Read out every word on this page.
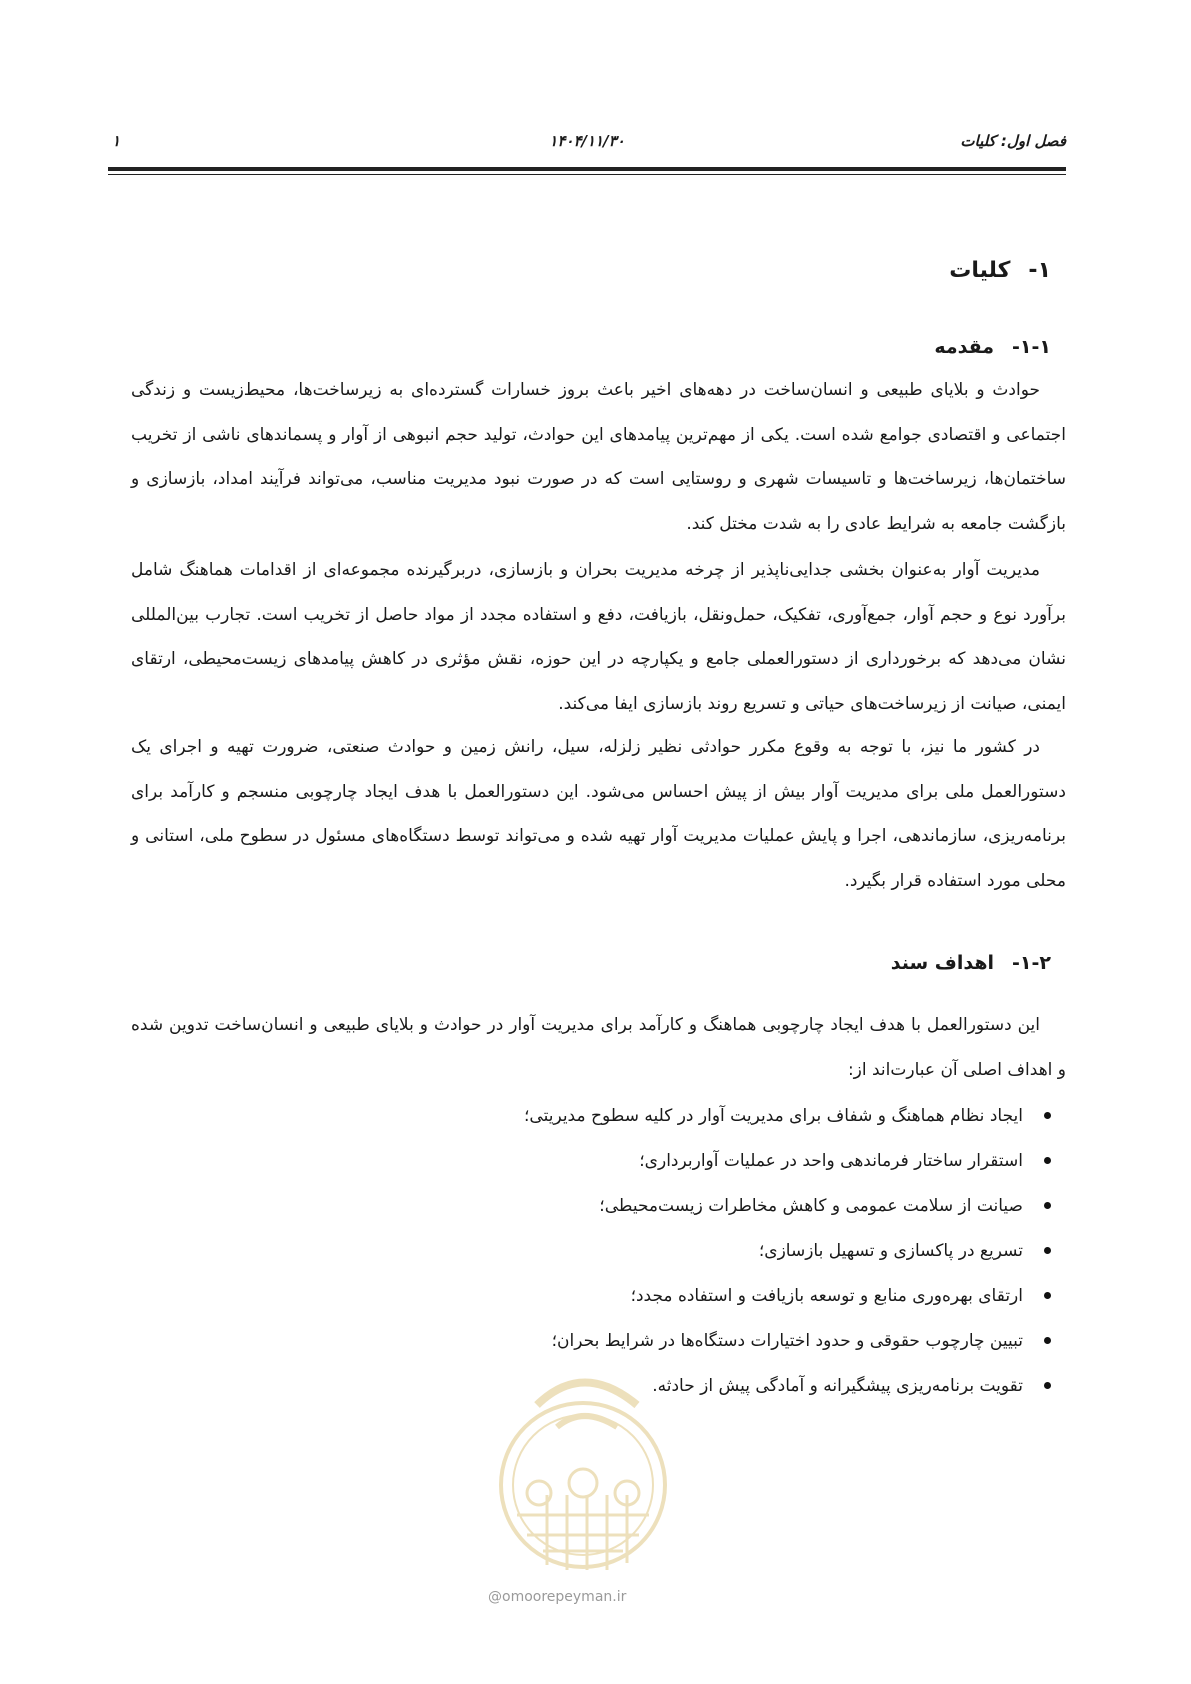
فصل اول: کلیات
۱۴۰۴/۱۱/۳۰
۱
۱-کلیات
۱-۱-مقدمه

حوادث و بلایای طبیعی و انسان‌ساخت در دهه‌های اخیر باعث بروز خسارات گسترده‌ای به زیرساخت‌ها، محیط‌زیست و زندگی اجتماعی و اقتصادی جوامع شده است. یکی از مهم‌ترین پیامدهای این حوادث، تولید حجم انبوهی از آوار و پسماندهای ناشی از تخریب ساختمان‌ها، زیرساخت‌ها و تاسیسات شهری و روستایی است که در صورت نبود مدیریت مناسب، می‌تواند فرآیند امداد، بازسازی و بازگشت جامعه به شرایط عادی را به شدت مختل کند.

مدیریت آوار به‌عنوان بخشی جدایی‌ناپذیر از چرخه مدیریت بحران و بازسازی، دربرگیرنده مجموعه‌ای از اقدامات هماهنگ شامل برآورد نوع و حجم آوار، جمع‌آوری، تفکیک، حمل‌ونقل، بازیافت، دفع و استفاده مجدد از مواد حاصل از تخریب است. تجارب بین‌المللی نشان می‌دهد که برخورداری از دستورالعملی جامع و یکپارچه در این حوزه، نقش مؤثری در کاهش پیامدهای زیست‌محیطی، ارتقای ایمنی، صیانت از زیرساخت‌های حیاتی و تسریع روند بازسازی ایفا می‌کند.

در کشور ما نیز، با توجه به وقوع مکرر حوادثی نظیر زلزله، سیل، رانش زمین و حوادث صنعتی، ضرورت تهیه و اجرای یک دستورالعمل ملی برای مدیریت آوار بیش از پیش احساس می‌شود. این دستورالعمل با هدف ایجاد چارچوبی منسجم و کارآمد برای برنامه‌ریزی، سازماندهی، اجرا و پایش عملیات مدیریت آوار تهیه شده و می‌تواند توسط دستگاه‌های مسئول در سطوح ملی، استانی و محلی مورد استفاده قرار بگیرد.

۱-۲-اهداف سند

این دستورالعمل با هدف ایجاد چارچوبی هماهنگ و کارآمد برای مدیریت آوار در حوادث و بلایای طبیعی و انسان‌ساخت تدوین شده و اهداف اصلی آن عبارت‌اند از:

ایجاد نظام هماهنگ و شفاف برای مدیریت آوار در کلیه سطوح مدیریتی؛
استقرار ساختار فرماندهی واحد در عملیات آواربرداری؛
صیانت از سلامت عمومی و کاهش مخاطرات زیست‌محیطی؛
تسریع در پاکسازی و تسهیل بازسازی؛
ارتقای بهره‌وری منابع و توسعه بازیافت و استفاده مجدد؛
تبیین چارچوب حقوقی و حدود اختیارات دستگاه‌ها در شرایط بحران؛
تقویت برنامه‌ریزی پیشگیرانه و آمادگی پیش از حادثه.
@omoorepeyman.ir
